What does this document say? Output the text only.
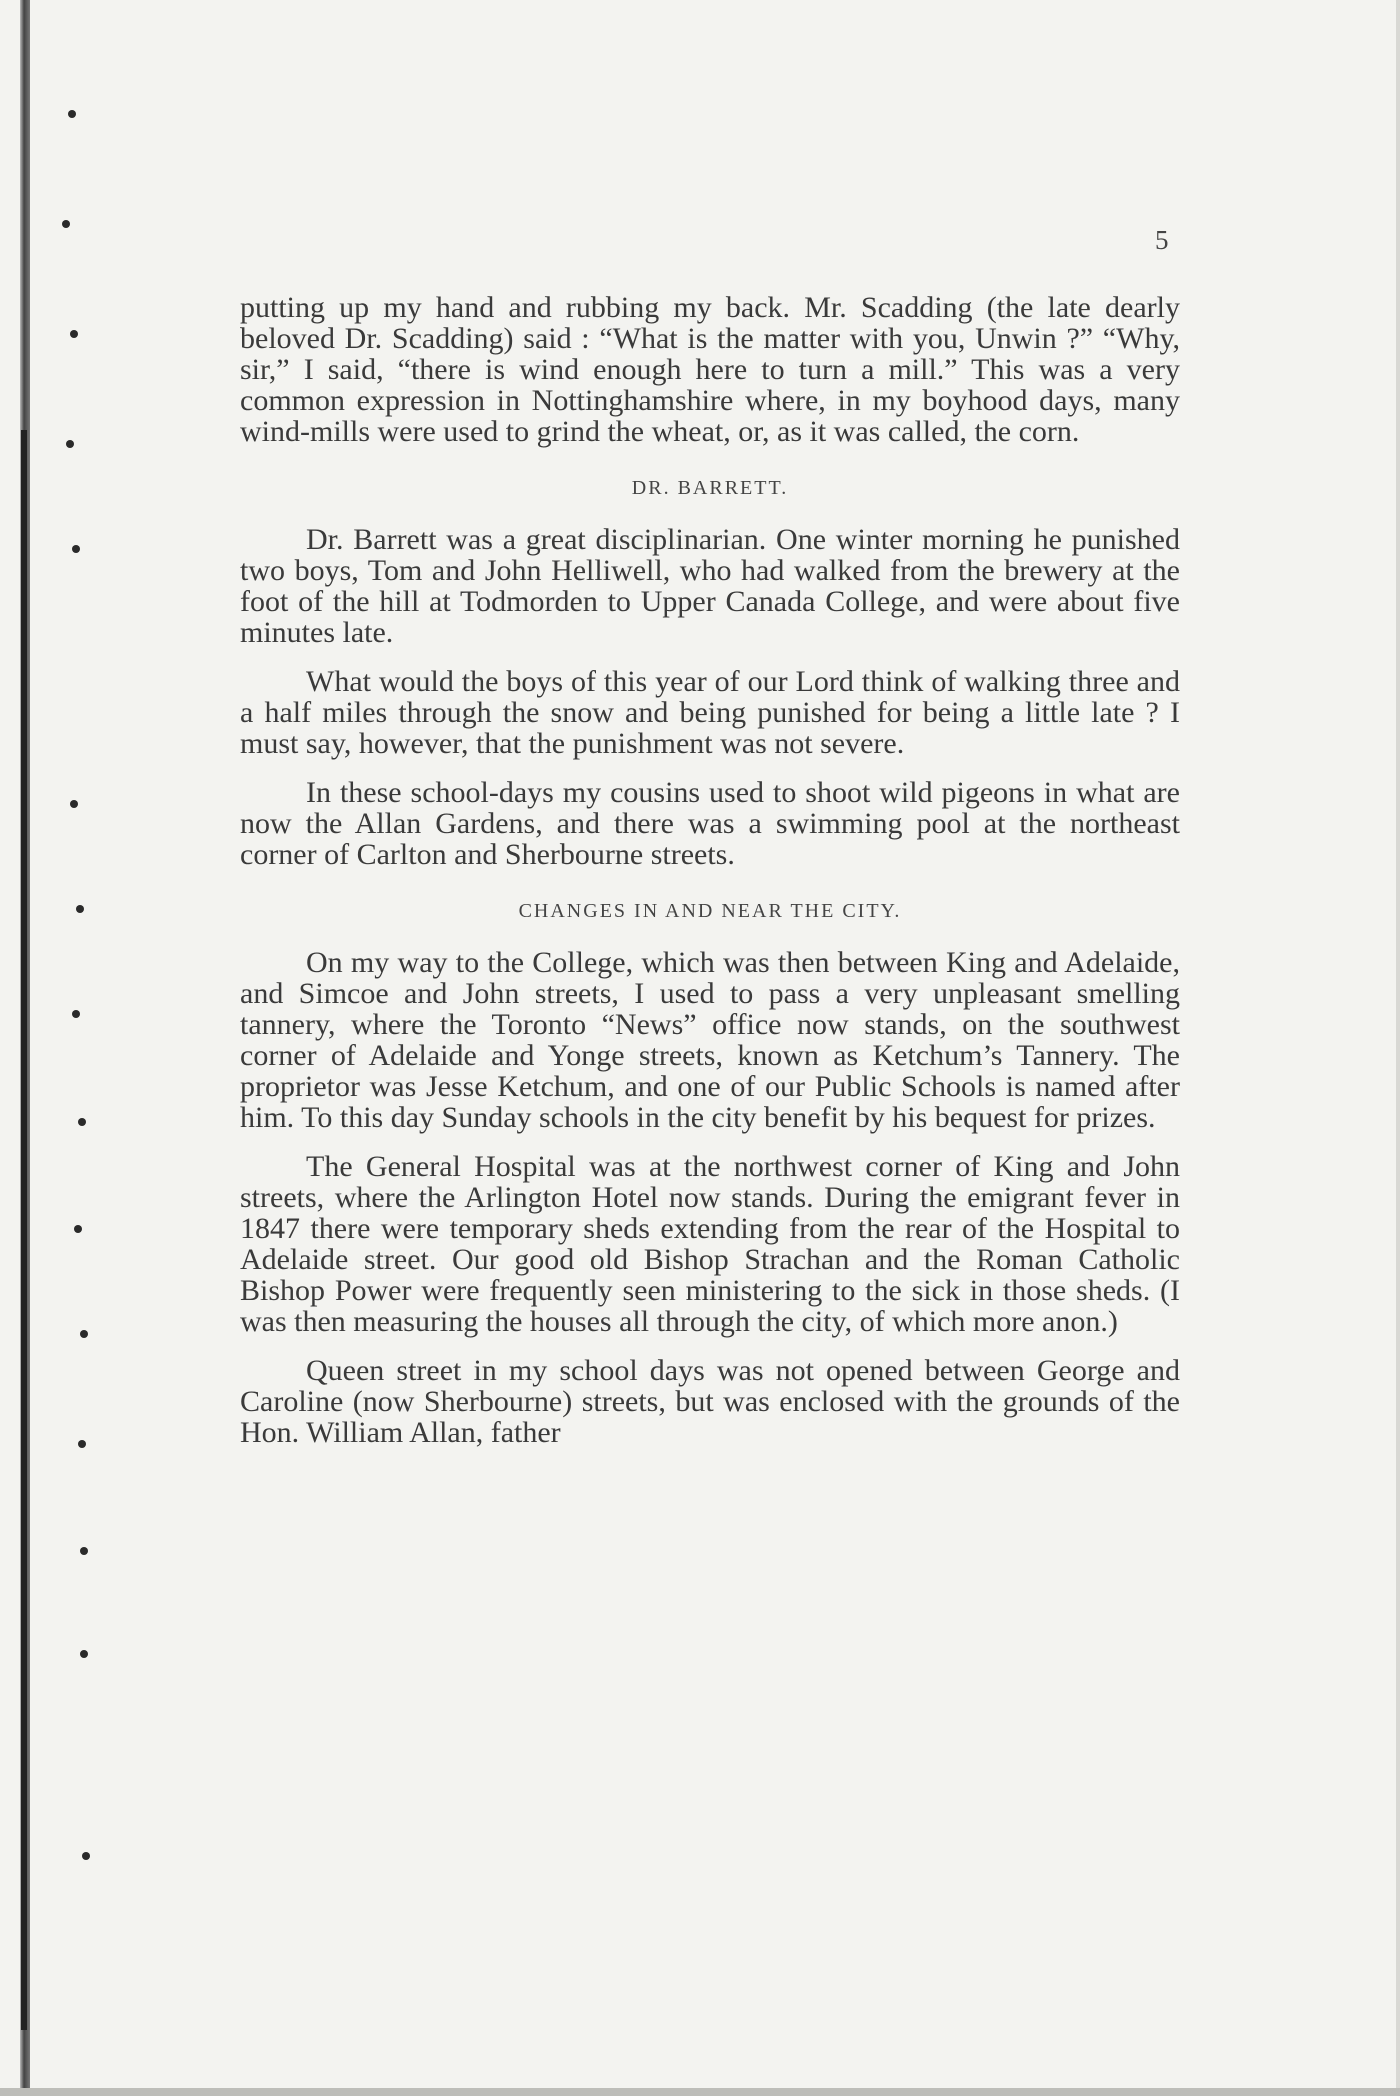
5

putting up my hand and rubbing my back. Mr. Scadding (the late dearly beloved Dr. Scadding) said : “What is the matter with you, Unwin ?” “Why, sir,” I said, “there is wind enough here to turn a mill.” This was a very common expression in Nottinghamshire where, in my boyhood days, many wind-mills were used to grind the wheat, or, as it was called, the corn.

DR. BARRETT.

Dr. Barrett was a great disciplinarian. One winter morning he punished two boys, Tom and John Helliwell, who had walked from the brewery at the foot of the hill at Todmorden to Upper Canada College, and were about five minutes late.

What would the boys of this year of our Lord think of walking three and a half miles through the snow and being punished for being a little late ? I must say, however, that the punishment was not severe.

In these school-days my cousins used to shoot wild pigeons in what are now the Allan Gardens, and there was a swimming pool at the northeast corner of Carlton and Sherbourne streets.

CHANGES IN AND NEAR THE CITY.

On my way to the College, which was then between King and Adelaide, and Simcoe and John streets, I used to pass a very unpleasant smelling tannery, where the Toronto “News” office now stands, on the southwest corner of Adelaide and Yonge streets, known as Ketchum’s Tannery. The proprietor was Jesse Ketchum, and one of our Public Schools is named after him. To this day Sunday schools in the city benefit by his bequest for prizes.

The General Hospital was at the northwest corner of King and John streets, where the Arlington Hotel now stands. During the emigrant fever in 1847 there were temporary sheds extending from the rear of the Hospital to Adelaide street. Our good old Bishop Strachan and the Roman Catholic Bishop Power were frequently seen ministering to the sick in those sheds. (I was then measuring the houses all through the city, of which more anon.)

Queen street in my school days was not opened between George and Caroline (now Sherbourne) streets, but was enclosed with the grounds of the Hon. William Allan, father
